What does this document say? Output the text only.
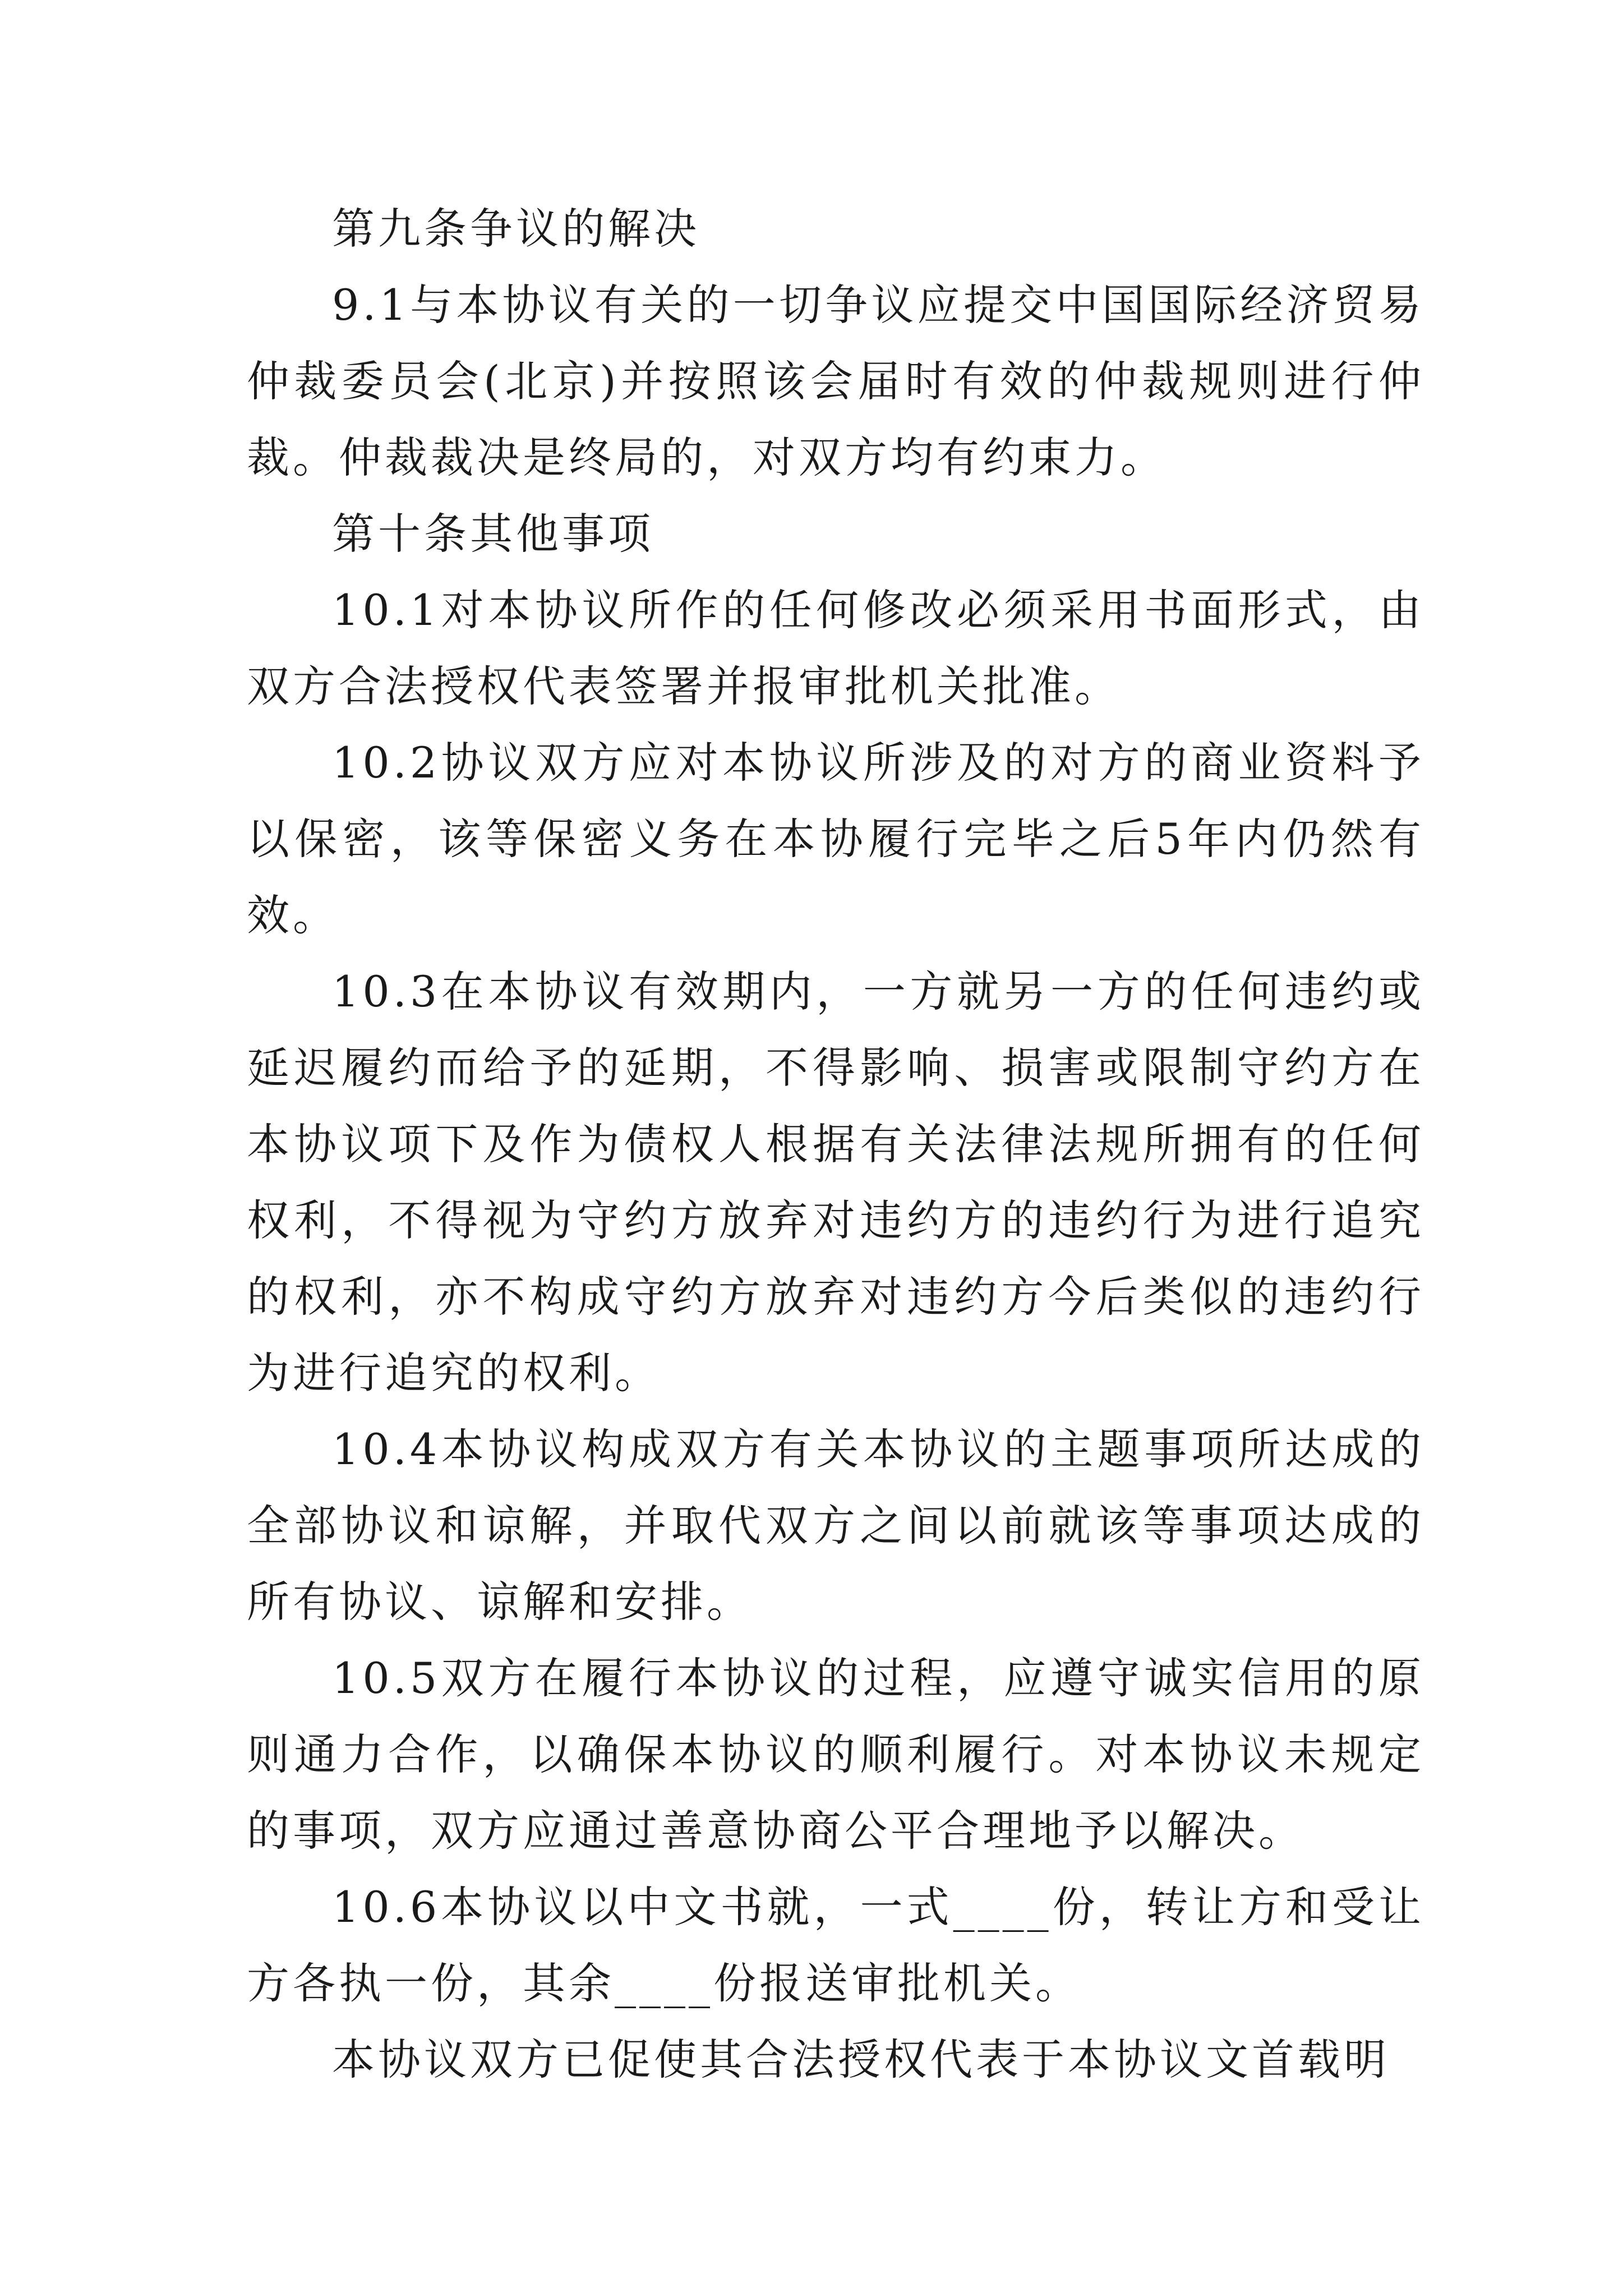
第九条争议的解决

9.1与本协议有关的一切争议应提交中国国际经济贸易仲裁委员会(北京)并按照该会届时有效的仲裁规则进行仲裁。仲裁裁决是终局的，对双方均有约束力。

第十条其他事项

10.1对本协议所作的任何修改必须采用书面形式，由双方合法授权代表签署并报审批机关批准。

10.2协议双方应对本协议所涉及的对方的商业资料予以保密，该等保密义务在本协履行完毕之后5年内仍然有效。

10.3在本协议有效期内，一方就另一方的任何违约或延迟履约而给予的延期，不得影响、损害或限制守约方在本协议项下及作为债权人根据有关法律法规所拥有的任何权利，不得视为守约方放弃对违约方的违约行为进行追究的权利，亦不构成守约方放弃对违约方今后类似的违约行为进行追究的权利。

10.4本协议构成双方有关本协议的主题事项所达成的全部协议和谅解，并取代双方之间以前就该等事项达成的所有协议、谅解和安排。

10.5双方在履行本协议的过程，应遵守诚实信用的原则通力合作，以确保本协议的顺利履行。对本协议未规定的事项，双方应通过善意协商公平合理地予以解决。

10.6本协议以中文书就，一式____份，转让方和受让方各执一份，其余____份报送审批机关。

本协议双方已促使其合法授权代表于本协议文首载明
